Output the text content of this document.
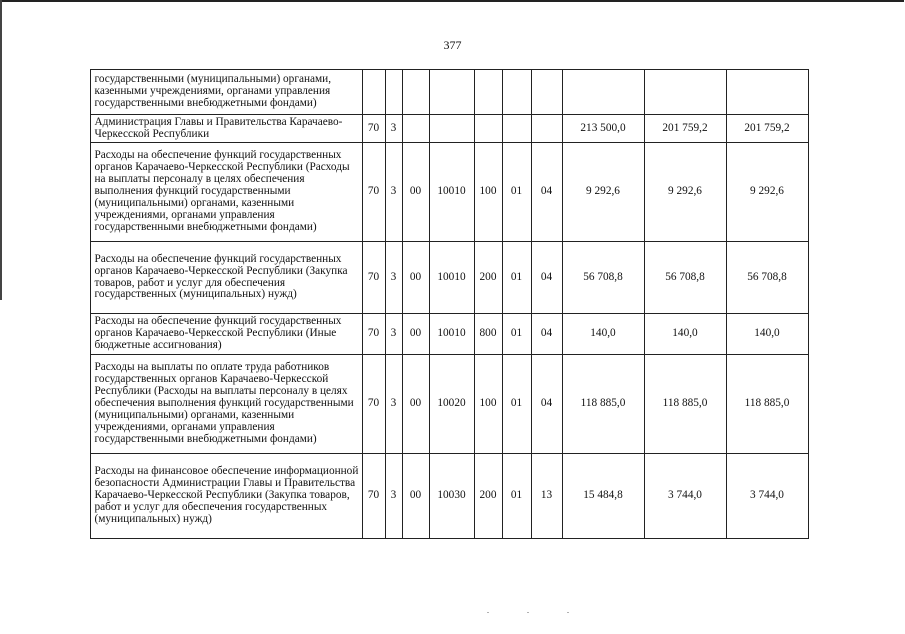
377
	государственными (муниципальными) органами, казенными учреждениями, органами управления государственными внебюджетными фондами)										
	Администрация Главы и Правительства Карачаево-Черкесской Республики	70	3						213 500,0	201 759,2	201 759,2
	Расходы на обеспечение функций государственных органов Карачаево-Черкесской Республики (Расходы на выплаты персоналу в целях обеспечения выполнения функций государственными (муниципальными) органами, казенными учреждениями, органами управления государственными внебюджетными фондами)	70	3	00	10010	100	01	04	9 292,6	9 292,6	9 292,6
	Расходы на обеспечение функций государственных органов Карачаево-Черкесской Республики (Закупка товаров, работ и услуг для обеспечения государственных (муниципальных) нужд)	70	3	00	10010	200	01	04	56 708,8	56 708,8	56 708,8
	Расходы на обеспечение функций государственных органов Карачаево-Черкесской Республики (Иные бюджетные ассигнования)	70	3	00	10010	800	01	04	140,0	140,0	140,0
	Расходы на выплаты по оплате труда работников государственных органов Карачаево-Черкесской Республики (Расходы на выплаты персоналу в целях обеспечения выполнения функций государственными (муниципальными) органами, казенными учреждениями, органами управления государственными внебюджетными фондами)	70	3	00	10020	100	01	04	118 885,0	118 885,0	118 885,0
	Расходы на финансовое обеспечение информационной безопасности Администрации Главы и Правительства Карачаево-Черкесской Республики (Закупка товаров, работ и услуг для обеспечения государственных (муниципальных) нужд)	70	3	00	10030	200	01	13	15 484,8	3 744,0	3 744,0
. . .
